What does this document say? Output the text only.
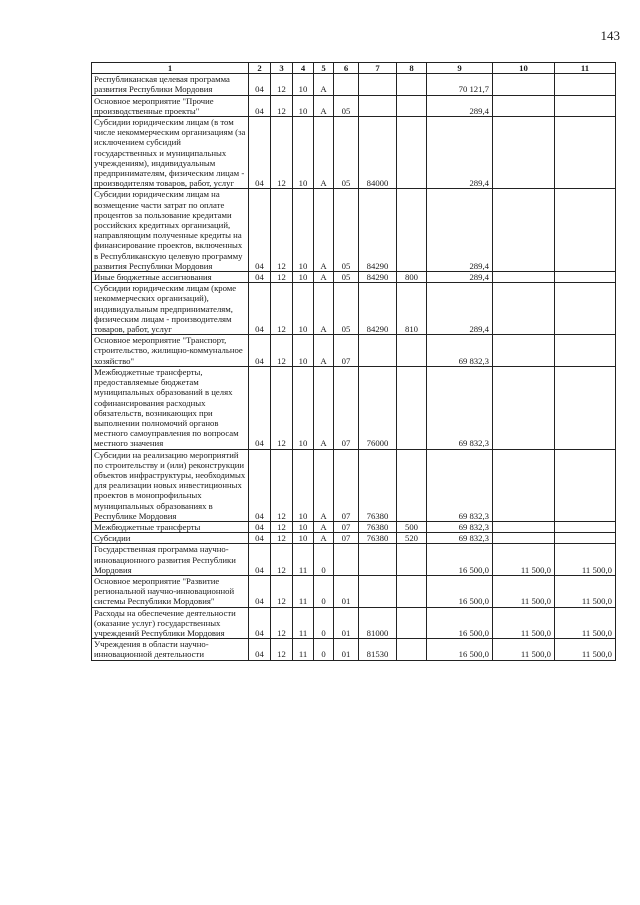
143
1	2	3	4	5	6	7	8	9	10	11
Республиканская целевая программа развития Республики Мордовия	04	12	10	А				70 121,7		
Основное мероприятие "Прочие производственные проекты"	04	12	10	А	05			289,4		
Субсидии юридическим лицам (в том числе некоммерческим организациям (за исключением субсидий государственных и муниципальных учреждениям), индивидуальным предпринимателям, физическим лицам - производителям товаров, работ, услуг	04	12	10	А	05	84000		289,4		
Субсидии юридическим лицам на возмещение части затрат по оплате процентов за пользование кредитами российских кредитных организаций, направляющим полученные кредиты на финансирование проектов, включенных в Республиканскую целевую программу развития Республики Мордовия	04	12	10	А	05	84290		289,4		
Иные бюджетные ассигнования	04	12	10	А	05	84290	800	289,4		
Субсидии юридическим лицам (кроме некоммерческих организаций), индивидуальным предпринимателям, физическим лицам - производителям товаров, работ, услуг	04	12	10	А	05	84290	810	289,4		
Основное мероприятие "Транспорт, строительство, жилищно-коммунальное хозяйство"	04	12	10	А	07			69 832,3		
Межбюджетные трансферты, предоставляемые бюджетам муниципальных образований в целях софинансирования расходных обязательств, возникающих при выполнении полномочий органов местного самоуправления по вопросам местного значения	04	12	10	А	07	76000		69 832,3		
Субсидии на реализацию мероприятий по строительству и (или) реконструкции объектов инфраструктуры, необходимых для реализации новых инвестиционных проектов в монопрофильных муниципальных образованиях в Республике Мордовия	04	12	10	А	07	76380		69 832,3		
Межбюджетные трансферты	04	12	10	А	07	76380	500	69 832,3		
Субсидии	04	12	10	А	07	76380	520	69 832,3		
Государственная программа научно-инновационного развития Республики Мордовия	04	12	11	0				16 500,0	11 500,0	11 500,0
Основное мероприятие "Развитие региональной научно-инновационной системы Республики Мордовия"	04	12	11	0	01			16 500,0	11 500,0	11 500,0
Расходы на обеспечение деятельности (оказание услуг) государственных учреждений Республики Мордовия	04	12	11	0	01	81000		16 500,0	11 500,0	11 500,0
Учреждения в области научно-инновационной деятельности	04	12	11	0	01	81530		16 500,0	11 500,0	11 500,0
